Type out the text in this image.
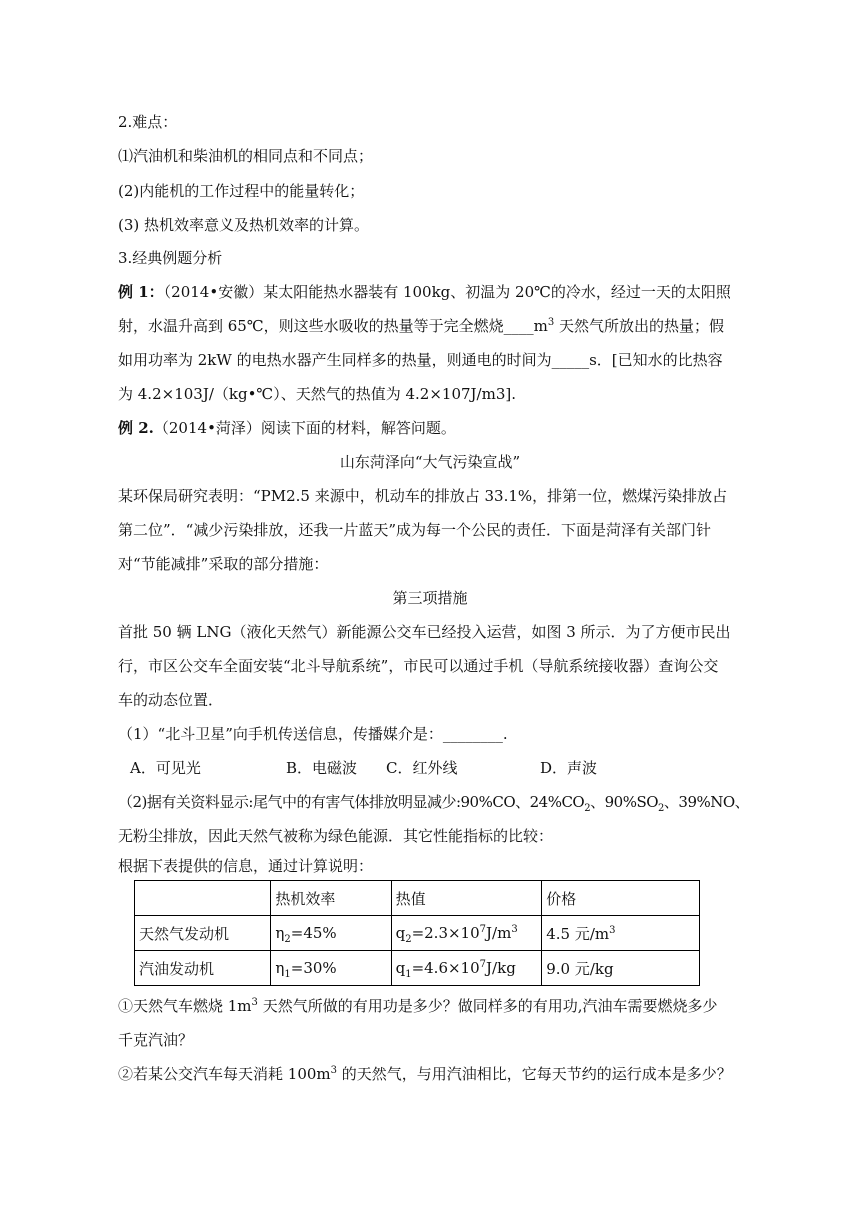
2.难点：
⑴汽油机和柴油机的相同点和不同点；
(2)内能机的工作过程中的能量转化；
(3) 热机效率意义及热机效率的计算。
3.经典例题分析
例 1：（2014•安徽）某太阳能热水器装有 100kg、初温为 20℃的冷水，经过一天的太阳照
射，水温升高到 65℃，则这些水吸收的热量等于完全燃烧$\_\_\_\_m^3$ 天然气所放出的热量；假
如用功率为 2kW 的电热水器产生同样多的热量，则通电的时间为_____s．[已知水的比热容
为 4.2×103J/（kg•℃）、天然气的热值为 4.2×107J/m3].
例 2.（2014•菏泽）阅读下面的材料，解答问题。
山东菏泽向“大气污染宣战”
某环保局研究表明：“PM2.5 来源中，机动车的排放占 33.1%，排第一位，燃煤污染排放占
第二位”．“减少污染排放，还我一片蓝天”成为每一个公民的责任．下面是菏泽有关部门针
对“节能减排”采取的部分措施：
第三项措施
首批 50 辆 LNG（液化天然气）新能源公交车已经投入运营，如图 3 所示．为了方便市民出
行，市区公交车全面安装“北斗导航系统”，市民可以通过手机（导航系统接收器）查询公交
车的动态位置．
（1）“北斗卫星”向手机传送信息，传播媒介是：________.
A．可见光	B．电磁波 C．红外线	D．声波
（2)据有关资料显示:尾气中的有害气体排放明显减少:90%CO、$24\%CO_2$、$90\%SO_2$、39%NO、
无粉尘排放，因此天然气被称为绿色能源．其它性能指标的比较：
根据下表提供的信息，通过计算说明：
	热机效率	热值	价格
天然气发动机	$\eta_2=45\%$	$q_2=2.3\times 10^7J/m^3$	4.5 元$/m^3$
汽油发动机	$\eta_1=30\%$	$q_1=4.6\times 10^7J/kg$	9.0 元/kg
①天然气车燃烧 $1m^3$ 天然气所做的有用功是多少？做同样多的有用功,汽油车需要燃烧多少
千克汽油？
②若某公交汽车每天消耗 $100m^3$ 的天然气，与用汽油相比，它每天节约的运行成本是多少？
